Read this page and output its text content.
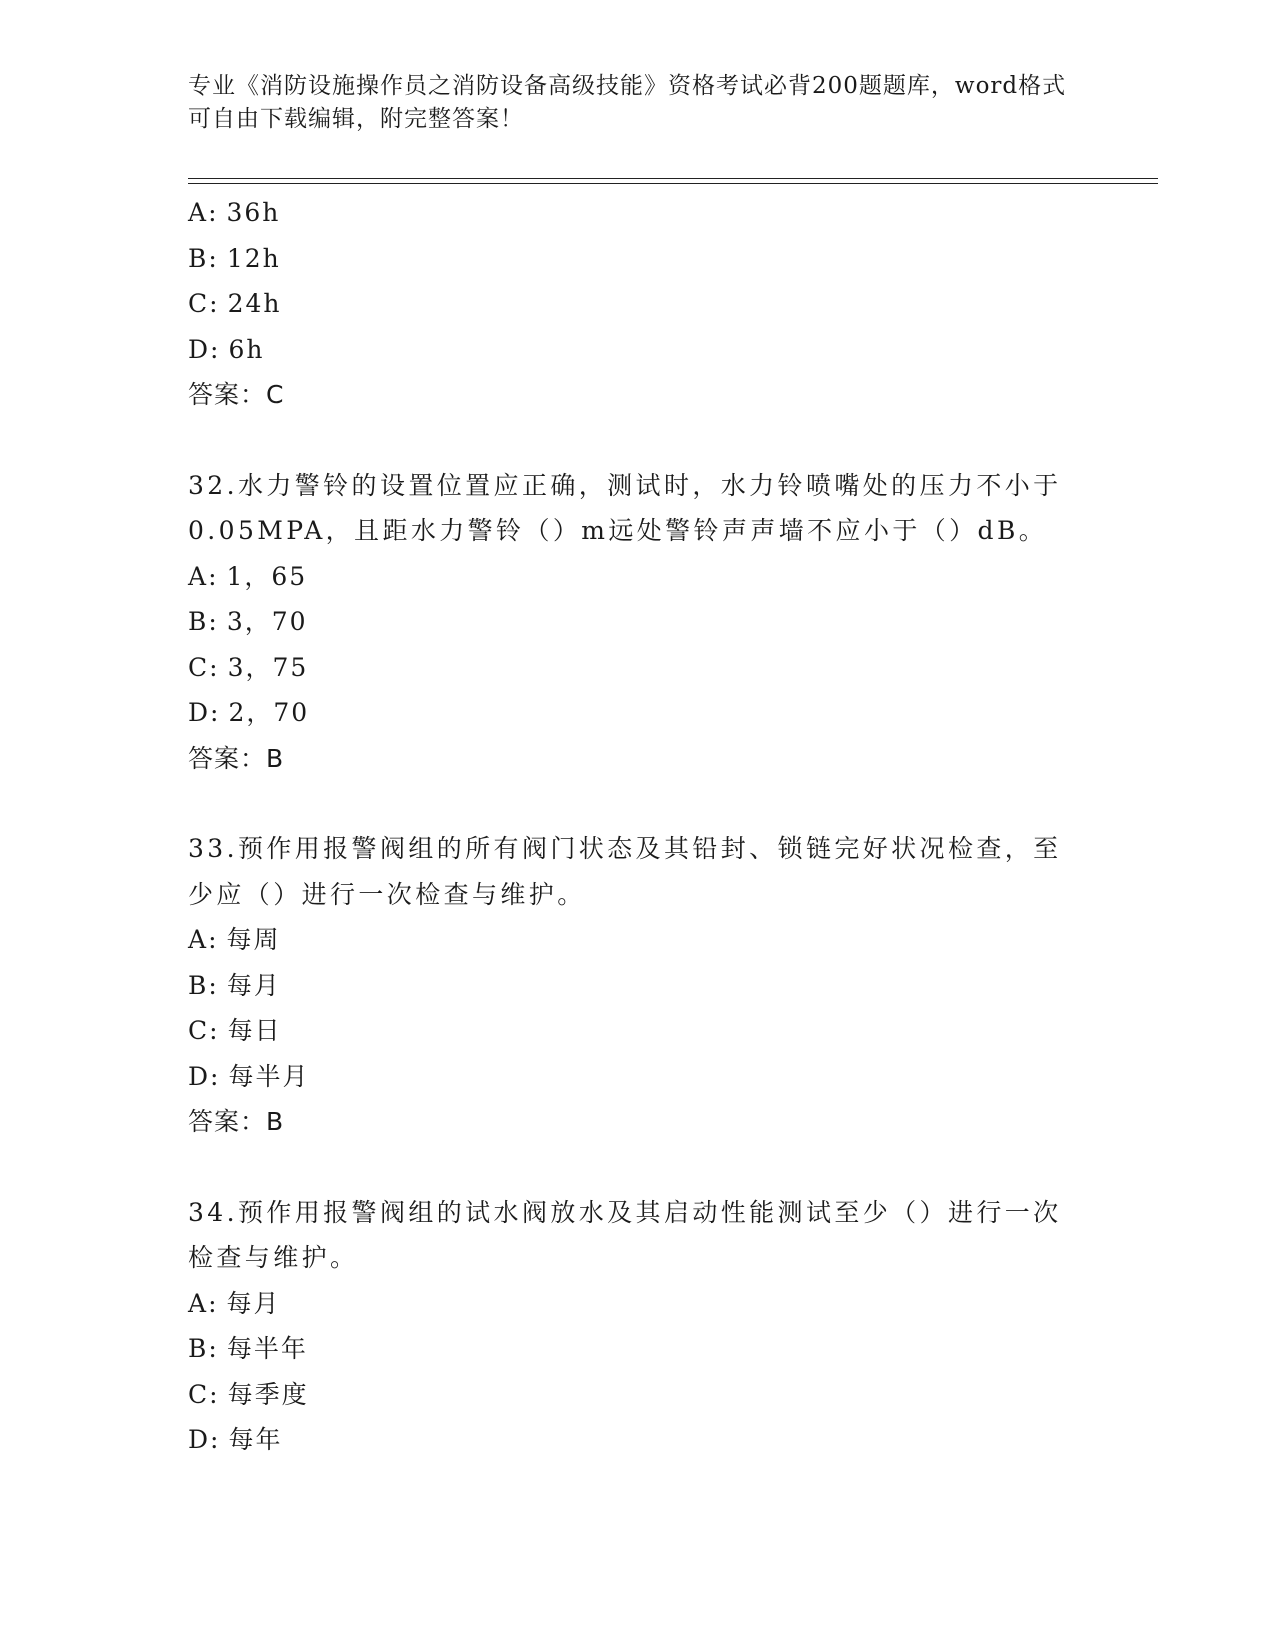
专业《消防设施操作员之消防设备高级技能》资格考试必背200题题库，word格式可自由下载编辑，附完整答案！
A: 36h
B: 12h
C: 24h
D: 6h
答案：C
32.水力警铃的设置位置应正确，测试时，水力铃喷嘴处的压力不小于0.05MPA，且距水力警铃（）m远处警铃声声墙不应小于（）dB。
A: 1，65
B: 3，70
C: 3，75
D: 2，70
答案：B
33.预作用报警阀组的所有阀门状态及其铅封、锁链完好状况检查，至少应（）进行一次检查与维护。
A: 每周
B: 每月
C: 每日
D: 每半月
答案：B
34.预作用报警阀组的试水阀放水及其启动性能测试至少（）进行一次检查与维护。
A: 每月
B: 每半年
C: 每季度
D: 每年
